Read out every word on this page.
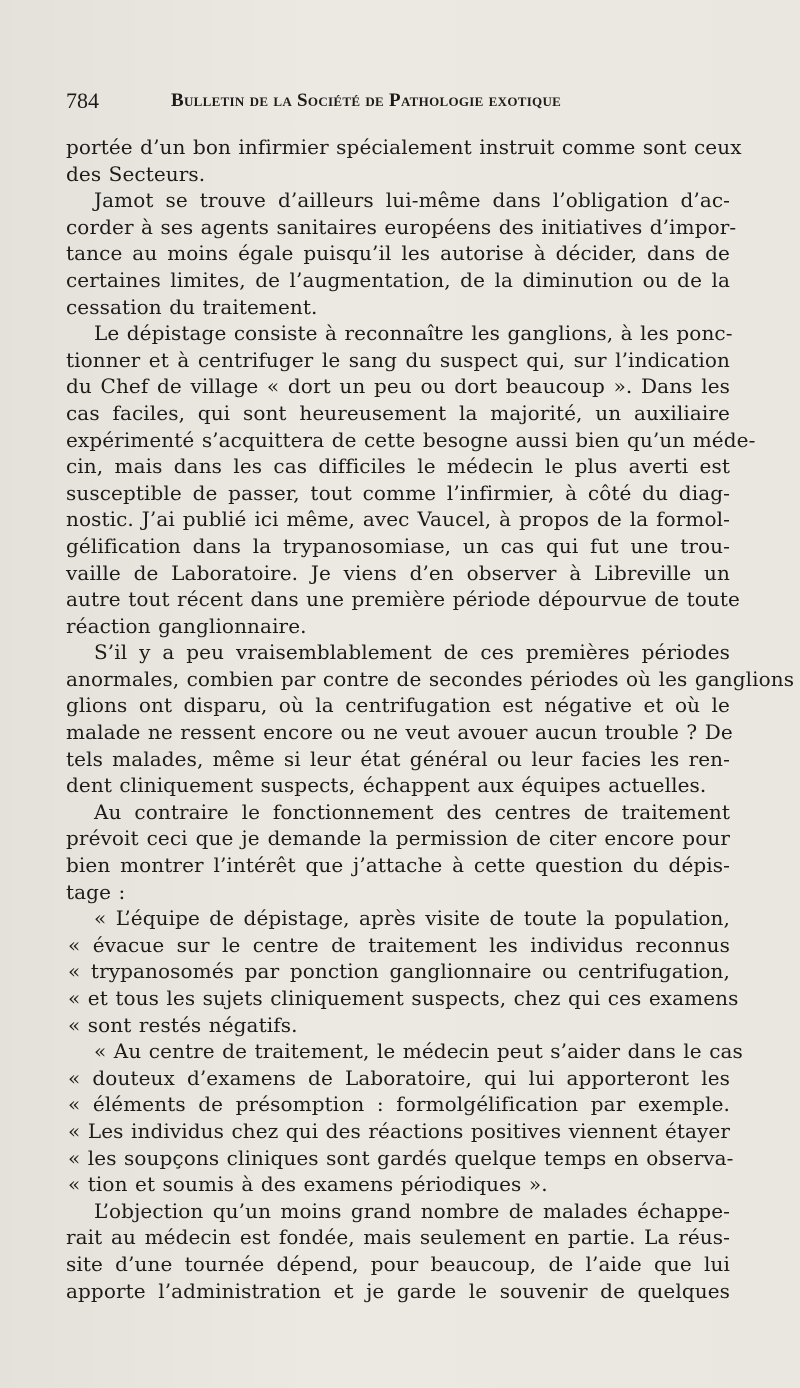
784	Bulletin de la Société de Pathologie exotique
portée d’un bon infirmier spécialement instruit comme sont ceux
des Secteurs.
Jamot se trouve d’ailleurs lui-même dans l’obligation d’ac-
corder à ses agents sanitaires européens des initiatives d’impor-
tance au moins égale puisqu’il les autorise à décider, dans de
certaines limites, de l’augmentation, de la diminution ou de la
cessation du traitement.
Le dépistage consiste à reconnaître les ganglions, à les ponc-
tionner et à centrifuger le sang du suspect qui, sur l’indication
du Chef de village « dort un peu ou dort beaucoup ». Dans les
cas faciles, qui sont heureusement la majorité, un auxiliaire
expérimenté s’acquittera de cette besogne aussi bien qu’un méde-
cin, mais dans les cas difficiles le médecin le plus averti est
susceptible de passer, tout comme l’infirmier, à côté du diag-
nostic. J’ai publié ici même, avec Vaucel, à propos de la formol-
gélification dans la trypanosomiase, un cas qui fut une trou-
vaille de Laboratoire. Je viens d’en observer à Libreville un
autre tout récent dans une première période dépourvue de toute
réaction ganglionnaire.
S’il y a peu vraisemblablement de ces premières périodes
anormales, combien par contre de secondes périodes où les ganglions
glions ont disparu, où la centrifugation est négative et où le
malade ne ressent encore ou ne veut avouer aucun trouble ? De
tels malades, même si leur état général ou leur facies les ren-
dent cliniquement suspects, échappent aux équipes actuelles.
Au contraire le fonctionnement des centres de traitement
prévoit ceci que je demande la permission de citer encore pour
bien montrer l’intérêt que j’attache à cette question du dépis-
tage :
« L’équipe de dépistage, après visite de toute la population,
« évacue sur le centre de traitement les individus reconnus
« trypanosomés par ponction ganglionnaire ou centrifugation,
« et tous les sujets cliniquement suspects, chez qui ces examens
« sont restés négatifs.
« Au centre de traitement, le médecin peut s’aider dans le cas
« douteux d’examens de Laboratoire, qui lui apporteront les
« éléments de présomption : formolgélification par exemple.
« Les individus chez qui des réactions positives viennent étayer
« les soupçons cliniques sont gardés quelque temps en observa-
« tion et soumis à des examens périodiques ».
L’objection qu’un moins grand nombre de malades échappe-
rait au médecin est fondée, mais seulement en partie. La réus-
site d’une tournée dépend, pour beaucoup, de l’aide que lui
apporte l’administration et je garde le souvenir de quelques
